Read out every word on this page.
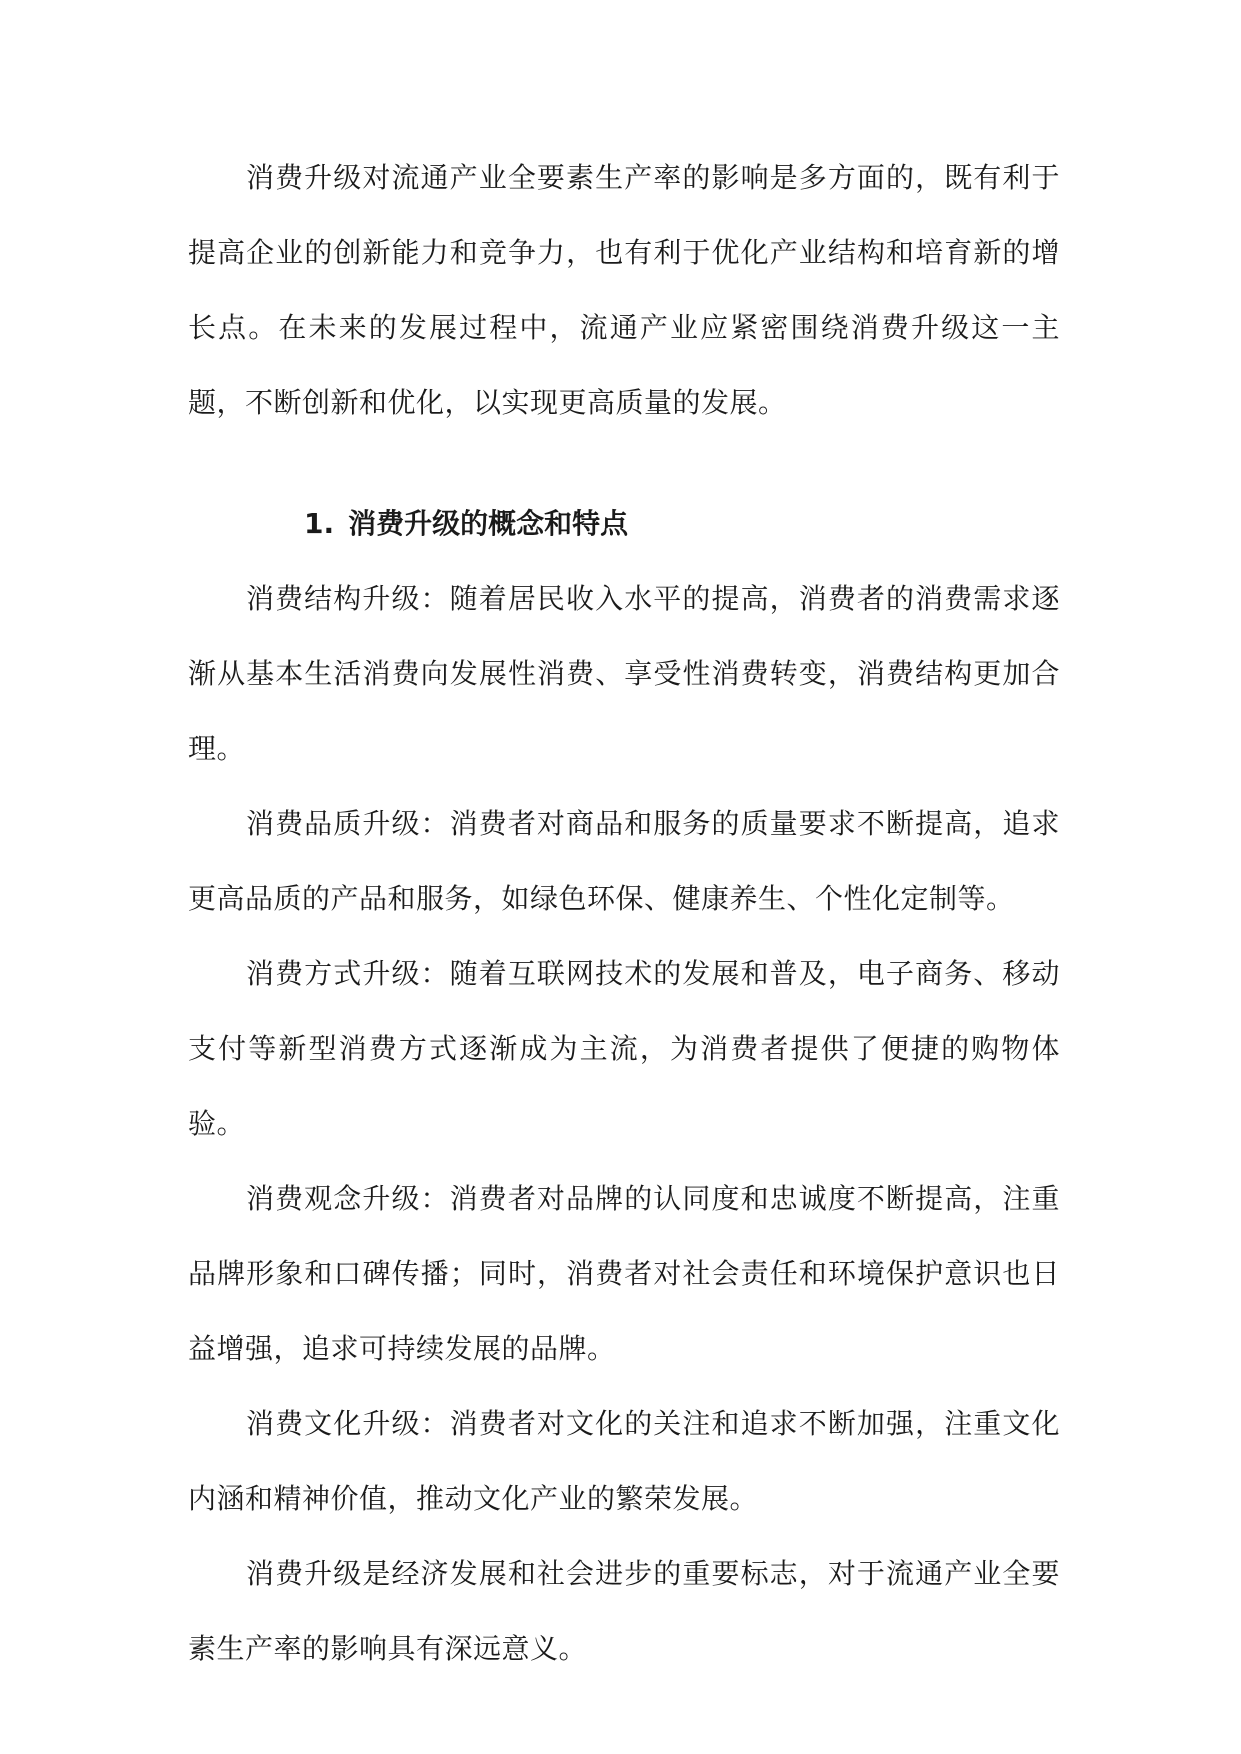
消费升级对流通产业全要素生产率的影响是多方面的，既有利于提高企业的创新能力和竞争力，也有利于优化产业结构和培育新的增长点。在未来的发展过程中，流通产业应紧密围绕消费升级这一主题，不断创新和优化，以实现更高质量的发展。

1. 消费升级的概念和特点

消费结构升级：随着居民收入水平的提高，消费者的消费需求逐渐从基本生活消费向发展性消费、享受性消费转变，消费结构更加合理。

消费品质升级：消费者对商品和服务的质量要求不断提高，追求更高品质的产品和服务，如绿色环保、健康养生、个性化定制等。

消费方式升级：随着互联网技术的发展和普及，电子商务、移动支付等新型消费方式逐渐成为主流，为消费者提供了便捷的购物体验。

消费观念升级：消费者对品牌的认同度和忠诚度不断提高，注重品牌形象和口碑传播；同时，消费者对社会责任和环境保护意识也日益增强，追求可持续发展的品牌。

消费文化升级：消费者对文化的关注和追求不断加强，注重文化内涵和精神价值，推动文化产业的繁荣发展。

消费升级是经济发展和社会进步的重要标志，对于流通产业全要素生产率的影响具有深远意义。
